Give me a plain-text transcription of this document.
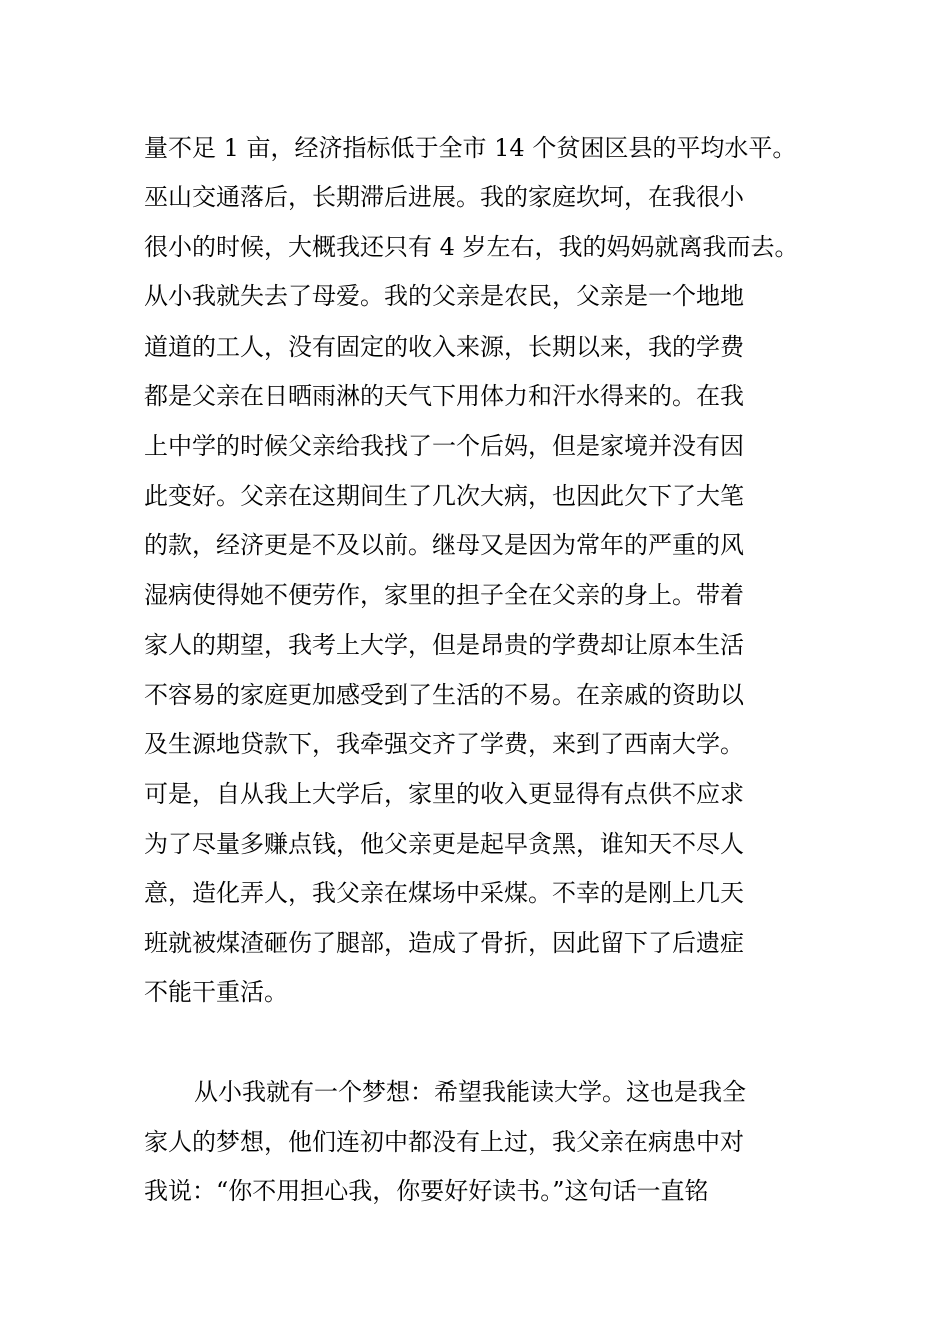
量不足 1 亩，经济指标低于全市 14 个贫困区县的平均水平。
巫山交通落后，长期滞后进展。我的家庭坎坷，在我很小
很小的时候，大概我还只有 4 岁左右，我的妈妈就离我而去。
从小我就失去了母爱。我的父亲是农民，父亲是一个地地
道道的工人，没有固定的收入来源，长期以来，我的学费
都是父亲在日晒雨淋的天气下用体力和汗水得来的。在我
上中学的时候父亲给我找了一个后妈，但是家境并没有因
此变好。父亲在这期间生了几次大病，也因此欠下了大笔
的款，经济更是不及以前。继母又是因为常年的严重的风
湿病使得她不便劳作，家里的担子全在父亲的身上。带着
家人的期望，我考上大学，但是昂贵的学费却让原本生活
不容易的家庭更加感受到了生活的不易。在亲戚的资助以
及生源地贷款下，我牵强交齐了学费，来到了西南大学。
可是，自从我上大学后，家里的收入更显得有点供不应求
为了尽量多赚点钱，他父亲更是起早贪黑，谁知天不尽人
意，造化弄人，我父亲在煤场中采煤。不幸的是刚上几天
班就被煤渣砸伤了腿部，造成了骨折，因此留下了后遗症
不能干重活。
从小我就有一个梦想：希望我能读大学。这也是我全
家人的梦想，他们连初中都没有上过，我父亲在病患中对
我说：“你不用担心我，你要好好读书。”这句话一直铭
